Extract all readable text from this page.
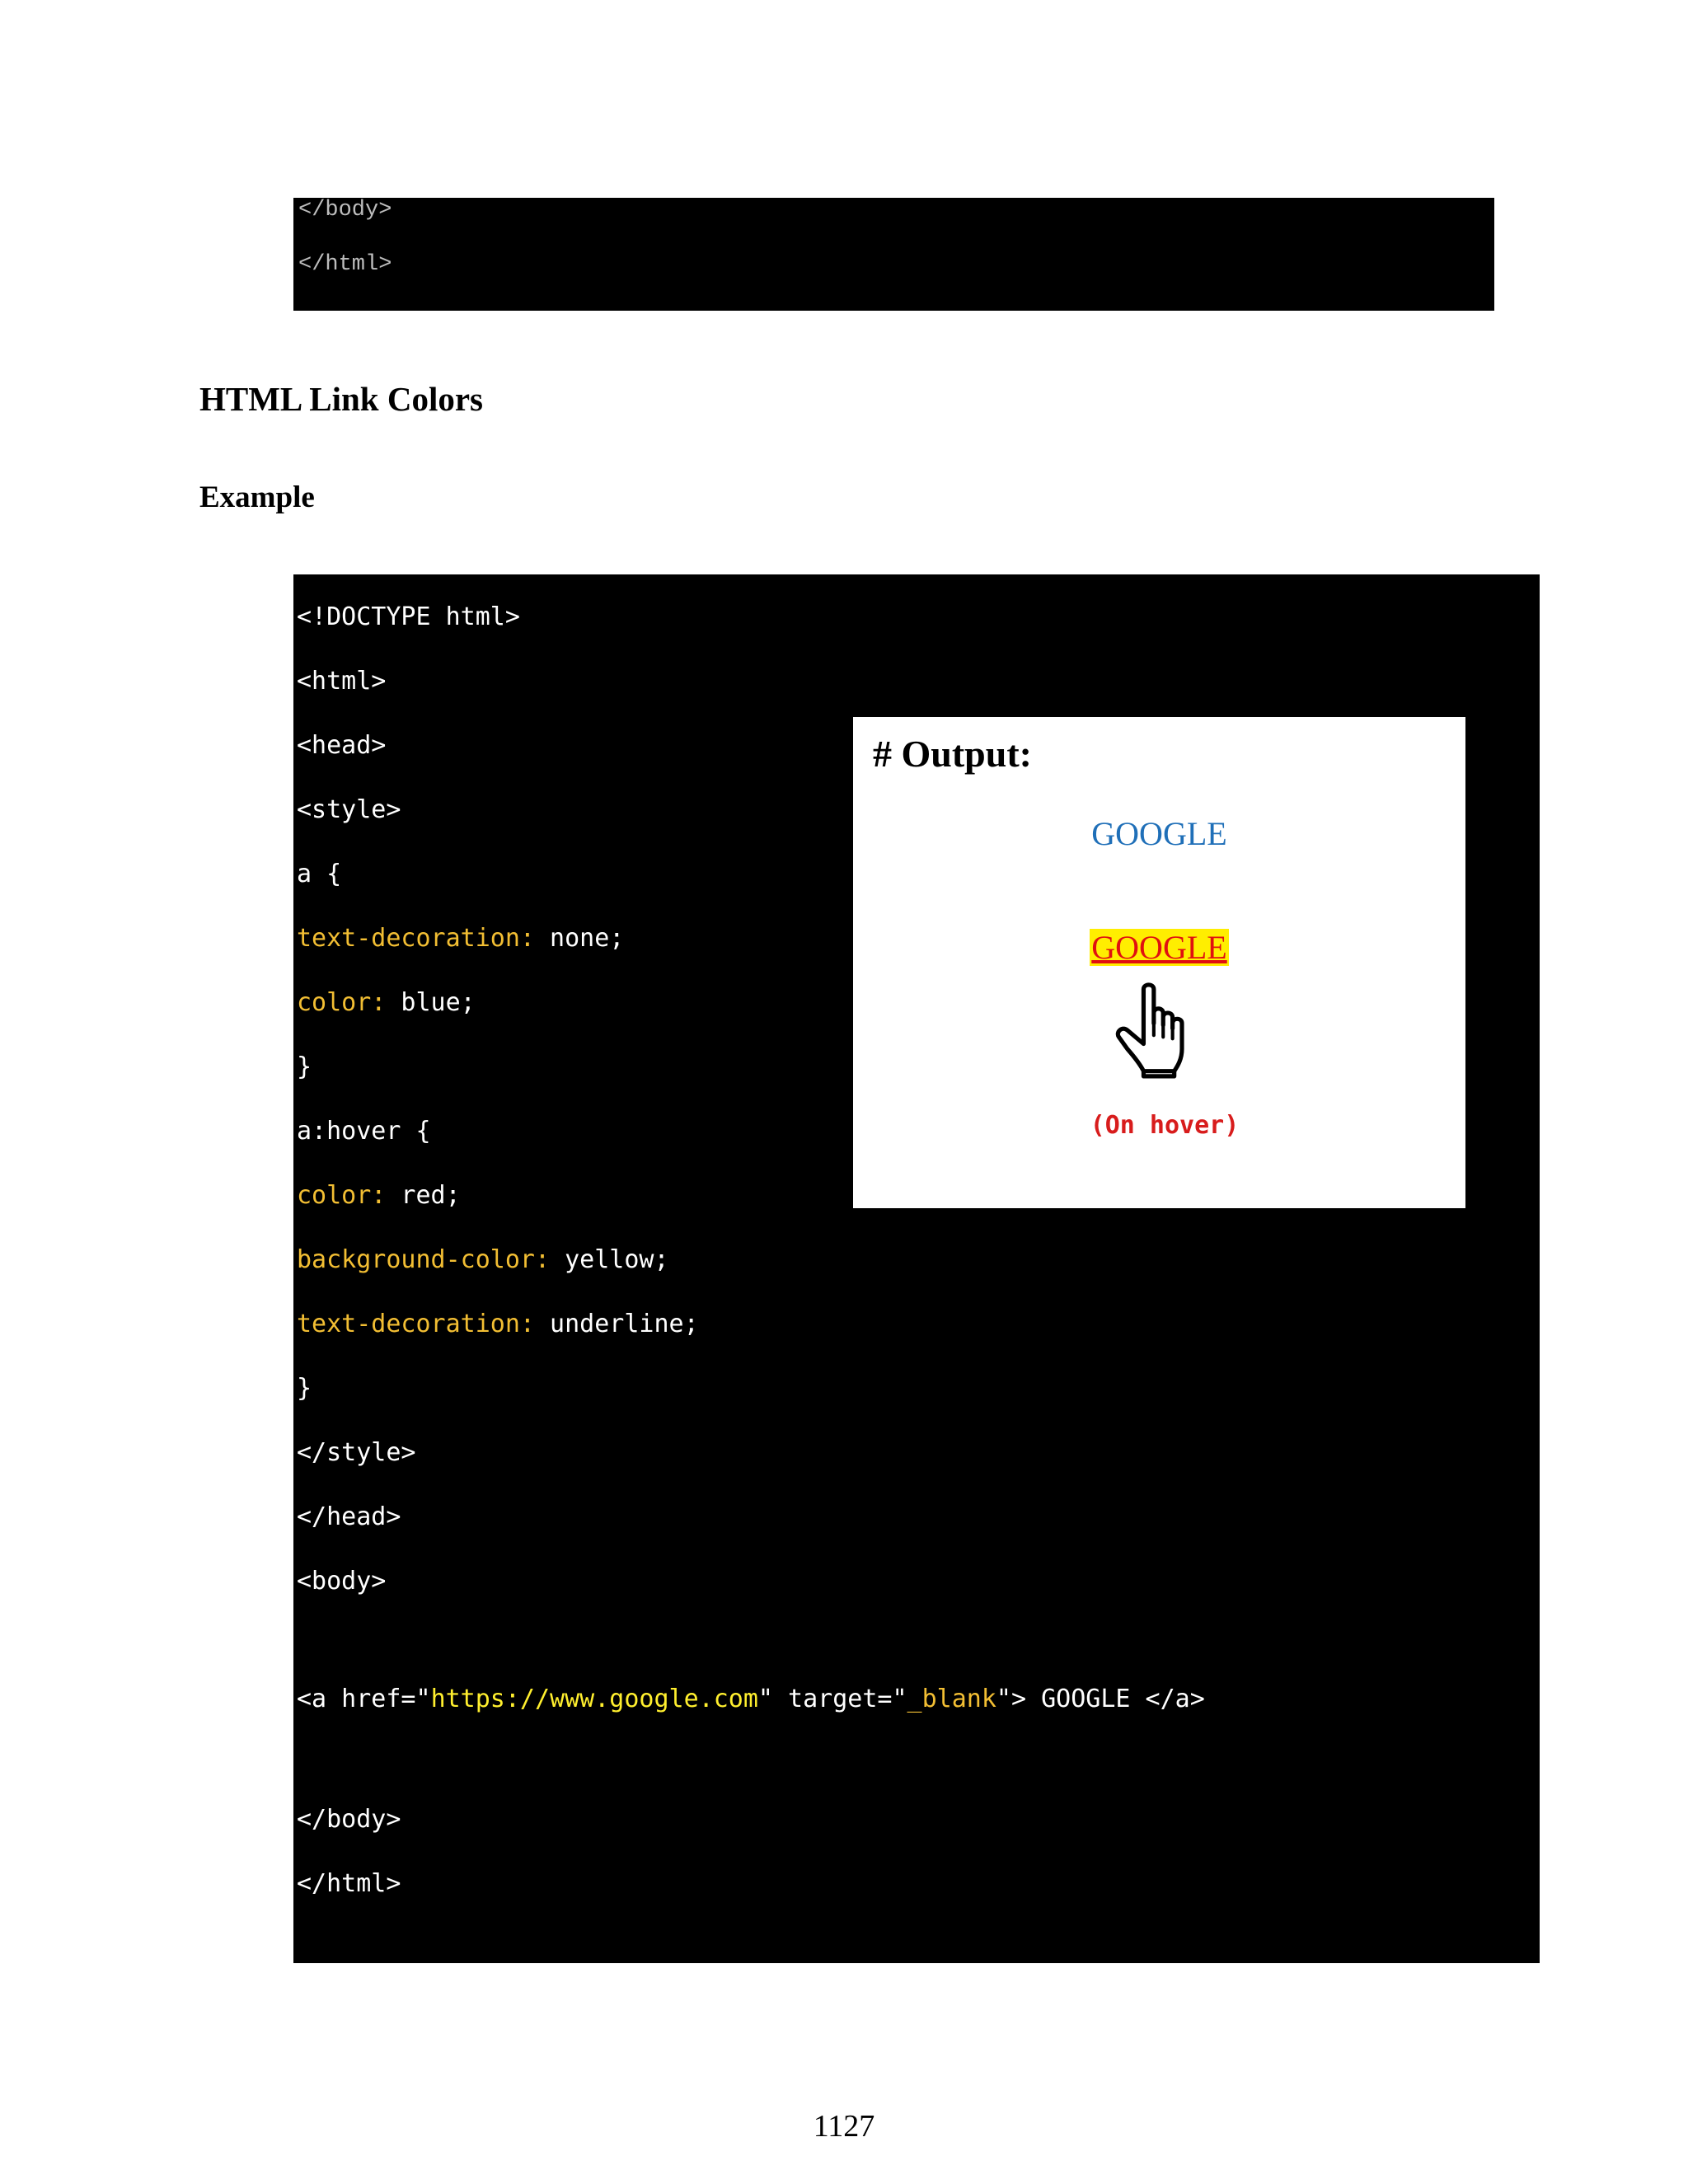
</body>
</html>
HTML Link Colors
Example
<!DOCTYPE html>
<html>
<head>
<style>
a {
text-decoration: none;
color: blue;
}
a:hover {
color: red;
background-color: yellow;
text-decoration: underline;
}
</style>
</head>
<body>
<a href="https://www.google.com" target="_blank"> GOOGLE </a>
</body>
</html>
# Output:
GOOGLE
GOOGLE
(On hover)
1127
